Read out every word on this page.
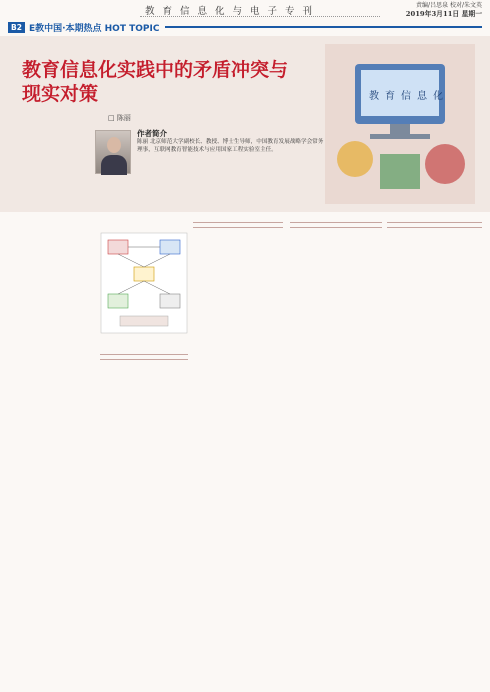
教育信息化与电子专刊
责编/吕思泉 校对/朱文英
2019年3月11日 星期一
B2 E教中国·本期热点 HOT TOPIC
教育信息化实践中的矛盾冲突与现实对策
□ 陈丽
作者简介
陈丽 北京师范大学副校长、教授、博士生导师，中国教育发展战略学会常务理事，互联网教育智能技术与应用国家工程实验室主任。
教 育 信 息 化
